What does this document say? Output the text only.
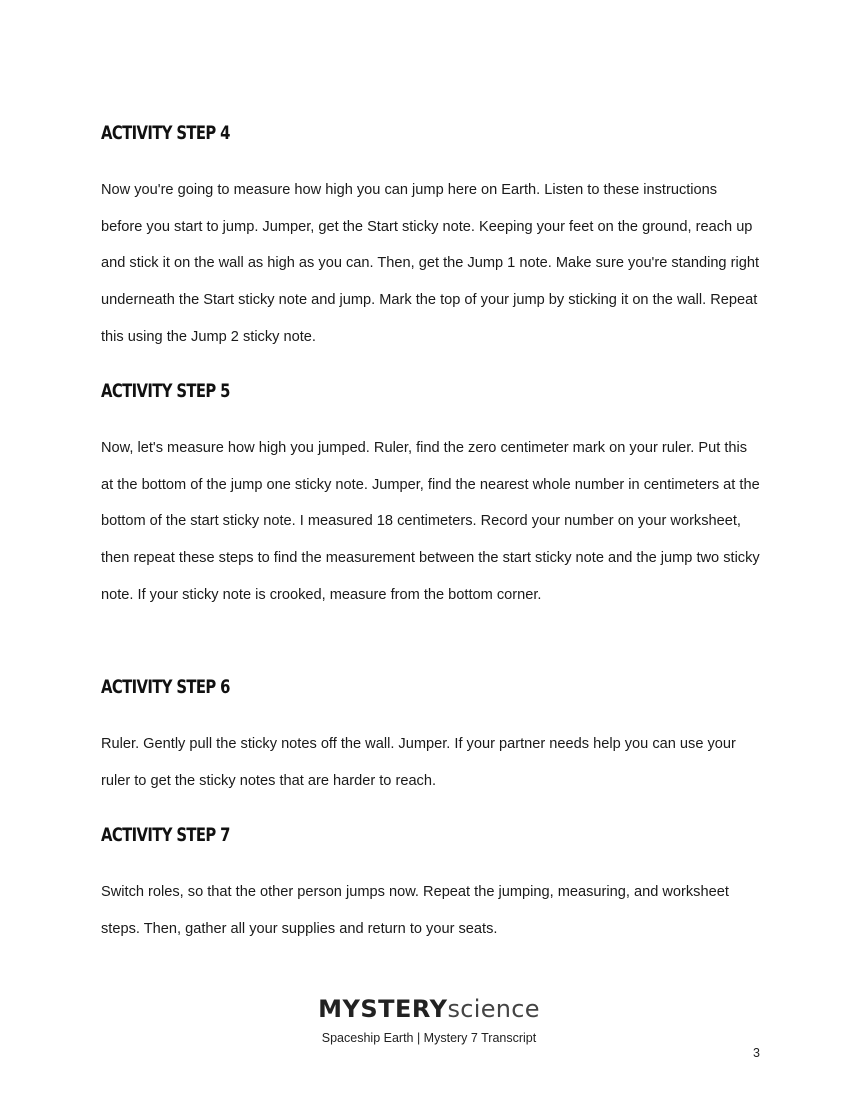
ACTIVITY STEP 4

Now you're going to measure how high you can jump here on Earth. Listen to these instructions before you start to jump. Jumper, get the Start sticky note. Keeping your feet on the ground, reach up and stick it on the wall as high as you can. Then, get the Jump 1 note. Make sure you're standing right underneath the Start sticky note and jump. Mark the top of your jump by sticking it on the wall. Repeat this using the Jump 2 sticky note.

ACTIVITY STEP 5

Now, let's measure how high you jumped. Ruler, find the zero centimeter mark on your ruler. Put this at the bottom of the jump one sticky note. Jumper, find the nearest whole number in centimeters at the bottom of the start sticky note. I measured 18 centimeters. Record your number on your worksheet, then repeat these steps to find the measurement between the start sticky note and the jump two sticky note. If your sticky note is crooked, measure from the bottom corner.

ACTIVITY STEP 6

Ruler. Gently pull the sticky notes off the wall. Jumper. If your partner needs help you can use your ruler to get the sticky notes that are harder to reach.

ACTIVITY STEP 7

Switch roles, so that the other person jumps now. Repeat the jumping, measuring, and worksheet steps. Then, gather all your supplies and return to your seats.

MYSTERYscience
Spaceship Earth | Mystery 7 Transcript
3
